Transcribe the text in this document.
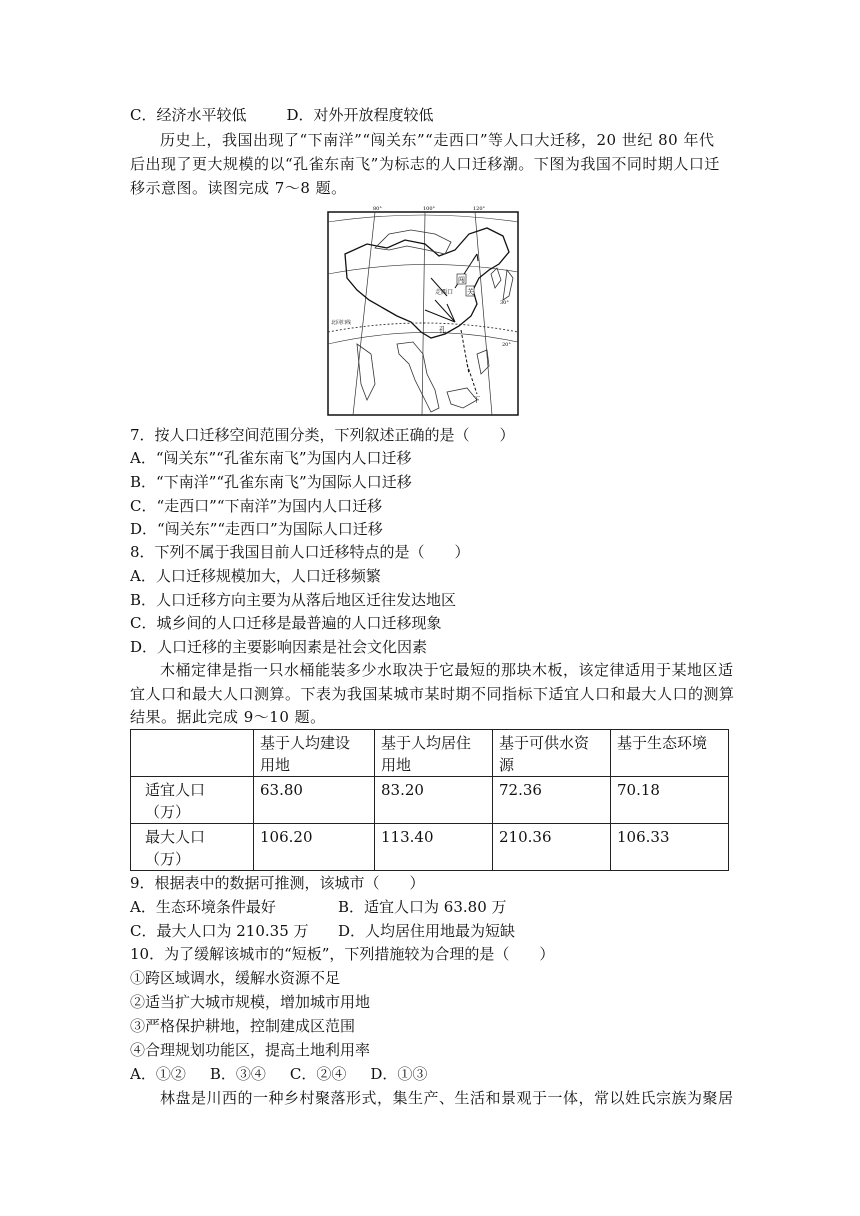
C．经济水平较低	D．对外开放程度较低
历史上，我国出现了“下南洋”“闯关东”“走西口”等人口大迁移，20 世纪 80 年代
后出现了更大规模的以“孔雀东南飞”为标志的人口迁移潮。下图为我国不同时期人口迁
移示意图。读图完成 7～8 题。
80°	100°	120°
北回归线
30°
20°
闯
走西口 关
孔
下
7．按人口迁移空间范围分类，下列叙述正确的是（　　）
A．“闯关东”“孔雀东南飞”为国内人口迁移
B．“下南洋”“孔雀东南飞”为国际人口迁移
C．“走西口”“下南洋”为国内人口迁移
D．“闯关东”“走西口”为国际人口迁移
8．下列不属于我国目前人口迁移特点的是（　　）
A．人口迁移规模加大，人口迁移频繁
B．人口迁移方向主要为从落后地区迁往发达地区
C．城乡间的人口迁移是最普遍的人口迁移现象
D．人口迁移的主要影响因素是社会文化因素
木桶定律是指一只水桶能装多少水取决于它最短的那块木板，该定律适用于某地区适
宜人口和最大人口测算。下表为我国某城市某时期不同指标下适宜人口和最大人口的测算
结果。据此完成 9～10 题。
	基于人均建设
用地	基于人均居住
用地	基于可供水资
源	基于生态环境

适宜人口
（万）	63.80	83.20	72.36	70.18

最大人口
（万）	106.20	113.40	210.36	106.33
9．根据表中的数据可推测，该城市（　　）
A．生态环境条件最好	B．适宜人口为 63.80 万
C．最大人口为 210.35 万 D．人均居住用地最为短缺
10．为了缓解该城市的“短板”，下列措施较为合理的是（　　）
①跨区域调水，缓解水资源不足
②适当扩大城市规模，增加城市用地
③严格保护耕地，控制建成区范围
④合理规划功能区，提高土地利用率
A．①② B．③④ C．②④ D．①③
林盘是川西的一种乡村聚落形式，集生产、生活和景观于一体，常以姓氏宗族为聚居
